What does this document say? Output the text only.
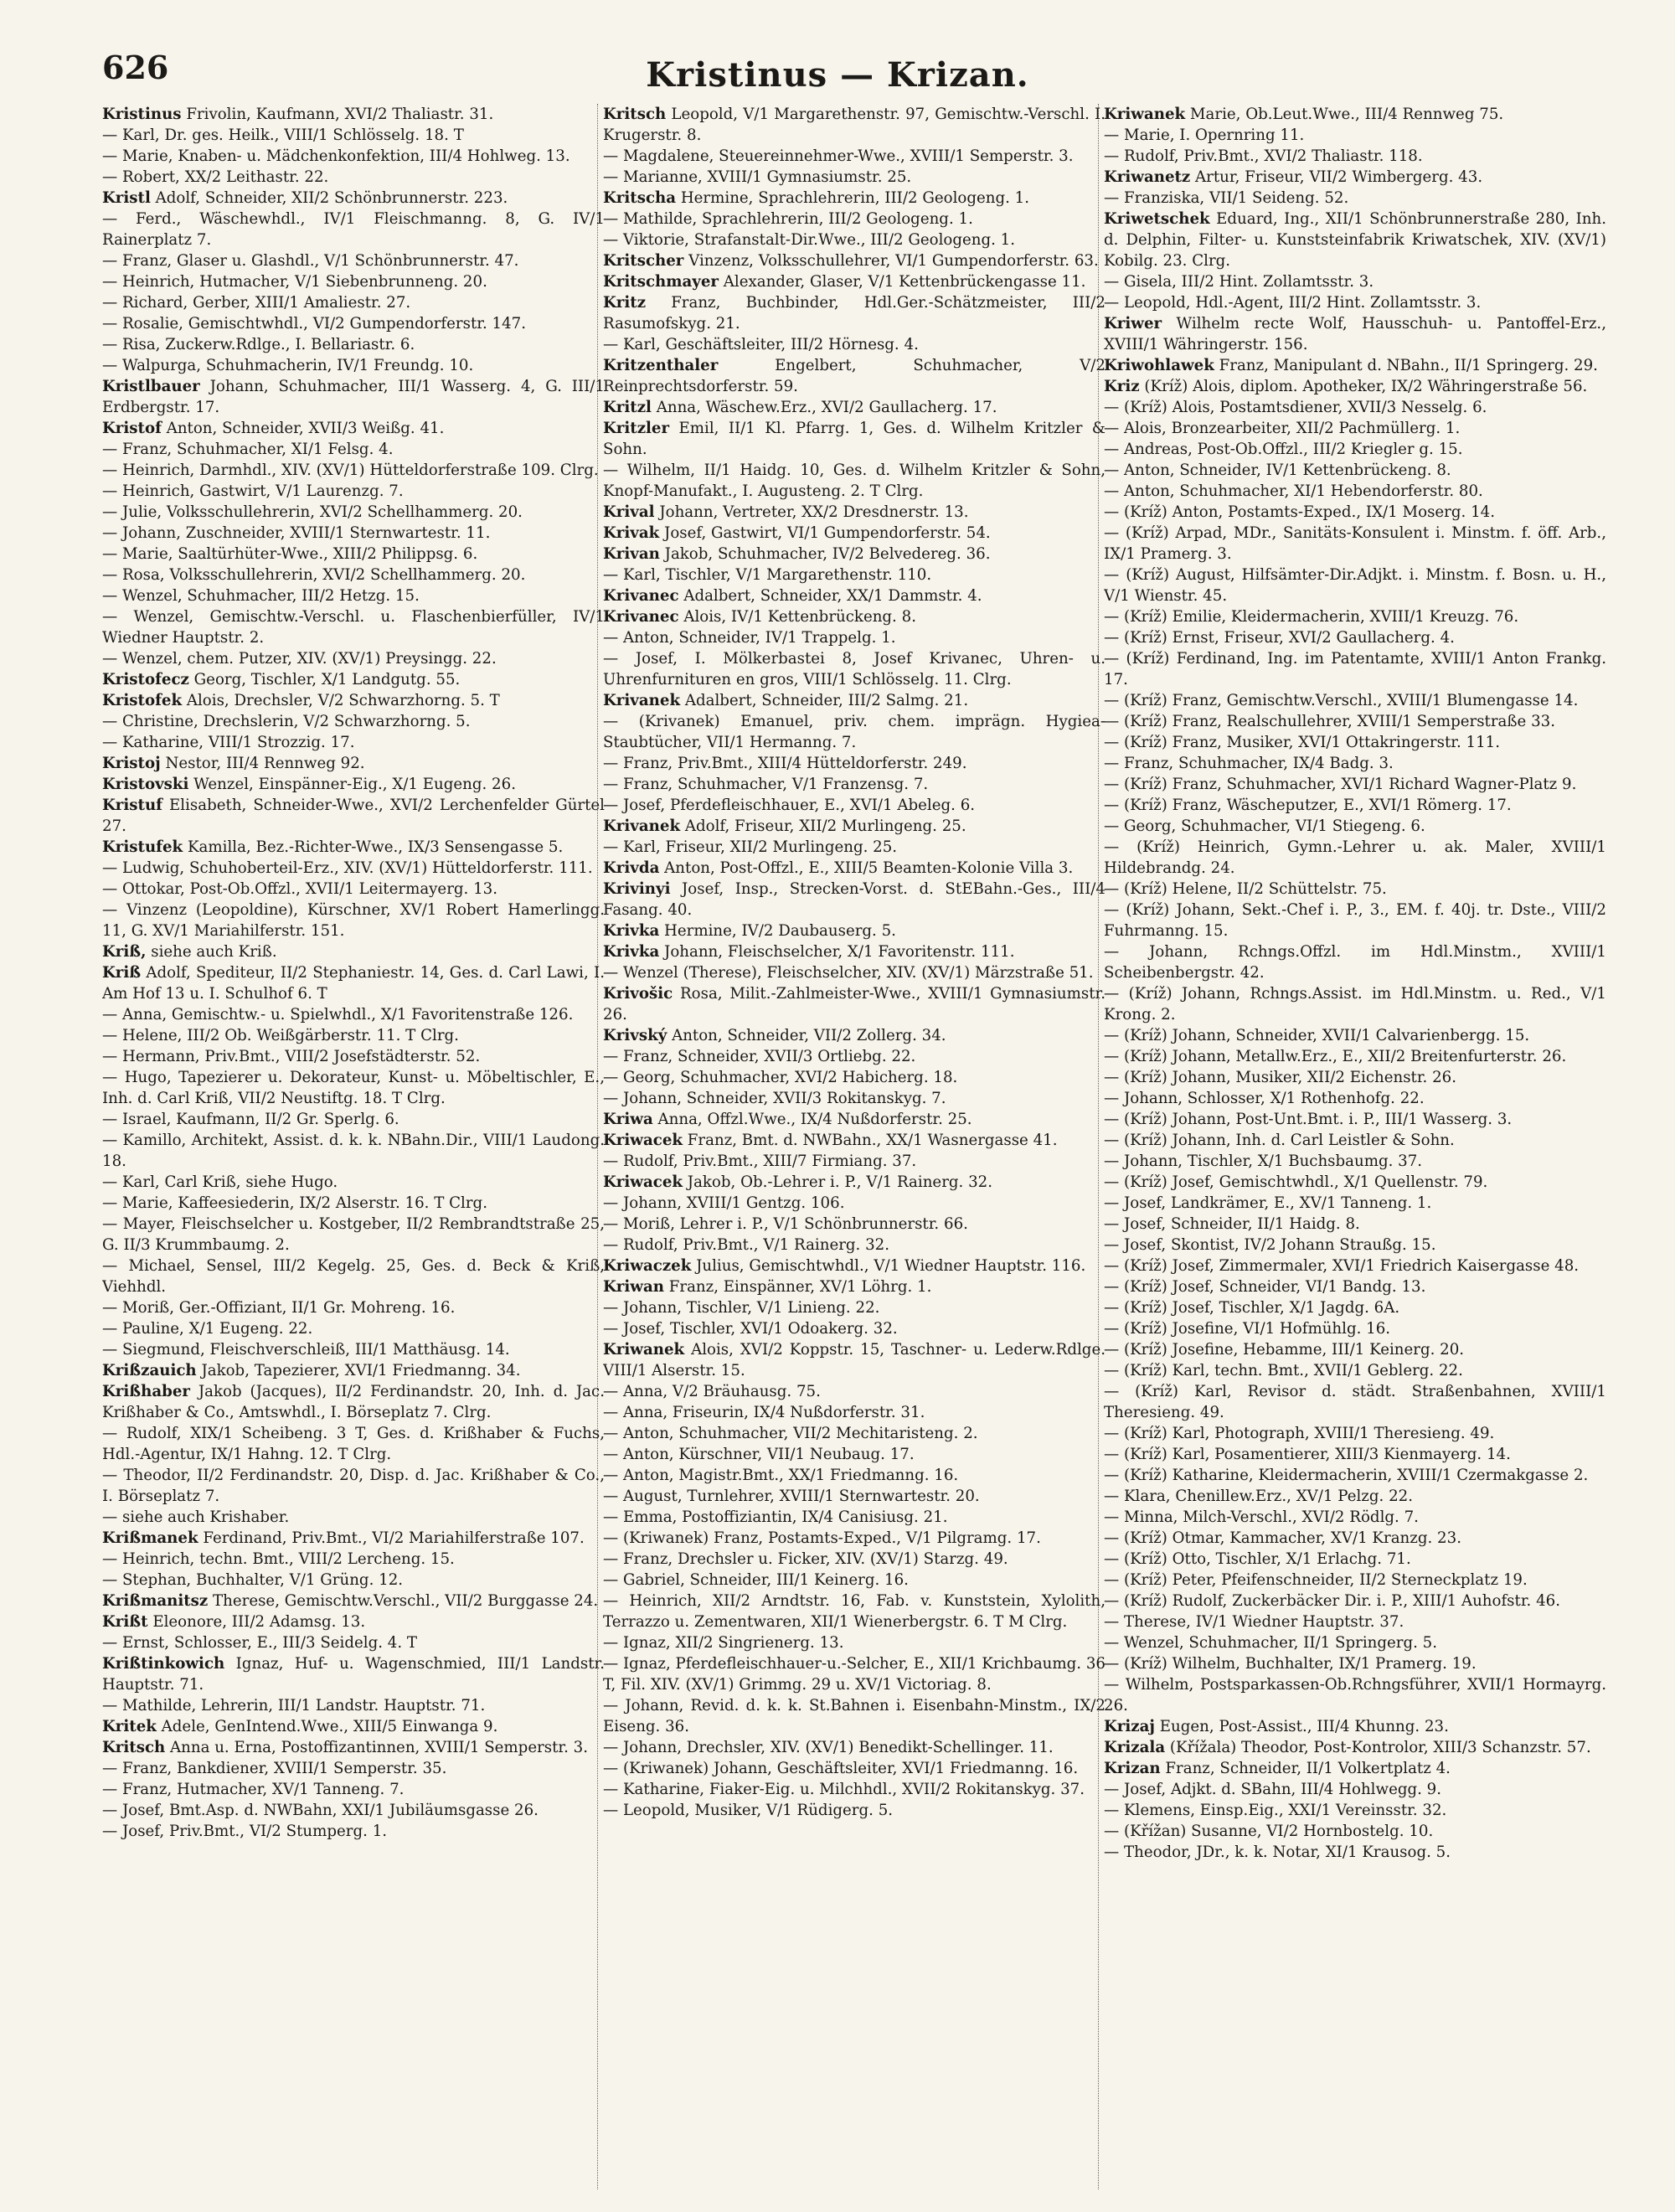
626	Kristinus — Krizan.

Kristinus Frivolin, Kaufmann, XVI/2 Thaliastr. 31.

— Karl, Dr. ges. Heilk., VIII/1 Schlösselg. 18. T

— Marie, Knaben- u. Mädchenkonfektion, III/4 Hohlweg. 13.

— Robert, XX/2 Leithastr. 22.

Kristl Adolf, Schneider, XII/2 Schönbrunnerstr. 223.

— Ferd., Wäschewhdl., IV/1 Fleischmanng. 8, G. IV/1 Rainerplatz 7.

— Franz, Glaser u. Glashdl., V/1 Schönbrunnerstr. 47.

— Heinrich, Hutmacher, V/1 Siebenbrunneng. 20.

— Richard, Gerber, XIII/1 Amaliestr. 27.

— Rosalie, Gemischtwhdl., VI/2 Gumpendorferstr. 147.

— Risa, Zuckerw.Rdlge., I. Bellariastr. 6.

— Walpurga, Schuhmacherin, IV/1 Freundg. 10.

Kristlbauer Johann, Schuhmacher, III/1 Wasserg. 4, G. III/1 Erdbergstr. 17.

Kristof Anton, Schneider, XVII/3 Weißg. 41.

— Franz, Schuhmacher, XI/1 Felsg. 4.

— Heinrich, Darmhdl., XIV. (XV/1) Hütteldorferstraße 109. Clrg.

— Heinrich, Gastwirt, V/1 Laurenzg. 7.

— Julie, Volksschullehrerin, XVI/2 Schellhammerg. 20.

— Johann, Zuschneider, XVIII/1 Sternwartestr. 11.

— Marie, Saaltürhüter-Wwe., XIII/2 Philippsg. 6.

— Rosa, Volksschullehrerin, XVI/2 Schellhammerg. 20.

— Wenzel, Schuhmacher, III/2 Hetzg. 15.

— Wenzel, Gemischtw.-Verschl. u. Flaschenbierfüller, IV/1 Wiedner Hauptstr. 2.

— Wenzel, chem. Putzer, XIV. (XV/1) Preysingg. 22.

Kristofecz Georg, Tischler, X/1 Landgutg. 55.

Kristofek Alois, Drechsler, V/2 Schwarzhorng. 5. T

— Christine, Drechslerin, V/2 Schwarzhorng. 5.

— Katharine, VIII/1 Strozzig. 17.

Kristoj Nestor, III/4 Rennweg 92.

Kristovski Wenzel, Einspänner-Eig., X/1 Eugeng. 26.

Kristuf Elisabeth, Schneider-Wwe., XVI/2 Lerchenfelder Gürtel 27.

Kristufek Kamilla, Bez.-Richter-Wwe., IX/3 Sensengasse 5.

— Ludwig, Schuhoberteil-Erz., XIV. (XV/1) Hütteldorferstr. 111.

— Ottokar, Post-Ob.Offzl., XVII/1 Leitermayerg. 13.

— Vinzenz (Leopoldine), Kürschner, XV/1 Robert Hamerlingg. 11, G. XV/1 Mariahilferstr. 151.

Kriß, siehe auch Kriß.

Kriß Adolf, Spediteur, II/2 Stephaniestr. 14, Ges. d. Carl Lawi, I. Am Hof 13 u. I. Schulhof 6. T

— Anna, Gemischtw.- u. Spielwhdl., X/1 Favoritenstraße 126.

— Helene, III/2 Ob. Weißgärberstr. 11. T Clrg.

— Hermann, Priv.Bmt., VIII/2 Josefstädterstr. 52.

— Hugo, Tapezierer u. Dekorateur, Kunst- u. Möbeltischler, E., Inh. d. Carl Kriß, VII/2 Neustiftg. 18. T Clrg.

— Israel, Kaufmann, II/2 Gr. Sperlg. 6.

— Kamillo, Architekt, Assist. d. k. k. NBahn.Dir., VIII/1 Laudong. 18.

— Karl, Carl Kriß, siehe Hugo.

— Marie, Kaffeesiederin, IX/2 Alserstr. 16. T Clrg.

— Mayer, Fleischselcher u. Kostgeber, II/2 Rembrandtstraße 25, G. II/3 Krummbaumg. 2.

— Michael, Sensel, III/2 Kegelg. 25, Ges. d. Beck & Kriß, Viehhdl.

— Moriß, Ger.-Offiziant, II/1 Gr. Mohreng. 16.

— Pauline, X/1 Eugeng. 22.

— Siegmund, Fleischverschleiß, III/1 Matthäusg. 14.

Krißzauich Jakob, Tapezierer, XVI/1 Friedmanng. 34.

Krißhaber Jakob (Jacques), II/2 Ferdinandstr. 20, Inh. d. Jac. Krißhaber & Co., Amtswhdl., I. Börseplatz 7. Clrg.

— Rudolf, XIX/1 Scheibeng. 3 T, Ges. d. Krißhaber & Fuchs, Hdl.-Agentur, IX/1 Hahng. 12. T Clrg.

— Theodor, II/2 Ferdinandstr. 20, Disp. d. Jac. Krißhaber & Co., I. Börseplatz 7.

— siehe auch Krishaber.

Krißmanek Ferdinand, Priv.Bmt., VI/2 Mariahilferstraße 107.

— Heinrich, techn. Bmt., VIII/2 Lercheng. 15.

— Stephan, Buchhalter, V/1 Grüng. 12.

Krißmanitsz Therese, Gemischtw.Verschl., VII/2 Burggasse 24.

Krißt Eleonore, III/2 Adamsg. 13.

— Ernst, Schlosser, E., III/3 Seidelg. 4. T

Krißtinkowich Ignaz, Huf- u. Wagenschmied, III/1 Landstr. Hauptstr. 71.

— Mathilde, Lehrerin, III/1 Landstr. Hauptstr. 71.

Kritek Adele, GenIntend.Wwe., XIII/5 Einwanga 9.

Kritsch Anna u. Erna, Postoffizantinnen, XVIII/1 Semperstr. 3.

— Franz, Bankdiener, XVIII/1 Semperstr. 35.

— Franz, Hutmacher, XV/1 Tanneng. 7.

— Josef, Bmt.Asp. d. NWBahn, XXI/1 Jubiläumsgasse 26.

— Josef, Priv.Bmt., VI/2 Stumperg. 1.

Kritsch Leopold, V/1 Margarethenstr. 97, Gemischtw.-Verschl. I. Krugerstr. 8.

— Magdalene, Steuereinnehmer-Wwe., XVIII/1 Semperstr. 3.

— Marianne, XVIII/1 Gymnasiumstr. 25.

Kritscha Hermine, Sprachlehrerin, III/2 Geologeng. 1.

— Mathilde, Sprachlehrerin, III/2 Geologeng. 1.

— Viktorie, Strafanstalt-Dir.Wwe., III/2 Geologeng. 1.

Kritscher Vinzenz, Volksschullehrer, VI/1 Gumpendorferstr. 63.

Kritschmayer Alexander, Glaser, V/1 Kettenbrückengasse 11.

Kritz Franz, Buchbinder, Hdl.Ger.-Schätzmeister, III/2 Rasumofskyg. 21.

— Karl, Geschäftsleiter, III/2 Hörnesg. 4.

Kritzenthaler Engelbert, Schuhmacher, V/2 Reinprechtsdorferstr. 59.

Kritzl Anna, Wäschew.Erz., XVI/2 Gaullacherg. 17.

Kritzler Emil, II/1 Kl. Pfarrg. 1, Ges. d. Wilhelm Kritzler & Sohn.

— Wilhelm, II/1 Haidg. 10, Ges. d. Wilhelm Kritzler & Sohn, Knopf-Manufakt., I. Augusteng. 2. T Clrg.

Krival Johann, Vertreter, XX/2 Dresdnerstr. 13.

Krivak Josef, Gastwirt, VI/1 Gumpendorferstr. 54.

Krivan Jakob, Schuhmacher, IV/2 Belvedereg. 36.

— Karl, Tischler, V/1 Margarethenstr. 110.

Krivanec Adalbert, Schneider, XX/1 Dammstr. 4.

Krivanec Alois, IV/1 Kettenbrückeng. 8.

— Anton, Schneider, IV/1 Trappelg. 1.

— Josef, I. Mölkerbastei 8, Josef Krivanec, Uhren- u. Uhrenfurnituren en gros, VIII/1 Schlösselg. 11. Clrg.

Krivanek Adalbert, Schneider, III/2 Salmg. 21.

— (Krivanek) Emanuel, priv. chem. imprägn. Hygiea-Staubtücher, VII/1 Hermanng. 7.

— Franz, Priv.Bmt., XIII/4 Hütteldorferstr. 249.

— Franz, Schuhmacher, V/1 Franzensg. 7.

— Josef, Pferdefleischhauer, E., XVI/1 Abeleg. 6.

Krivanek Adolf, Friseur, XII/2 Murlingeng. 25.

— Karl, Friseur, XII/2 Murlingeng. 25.

Krivda Anton, Post-Offzl., E., XIII/5 Beamten-Kolonie Villa 3.

Krivinyi Josef, Insp., Strecken-Vorst. d. StEBahn.-Ges., III/4 Fasang. 40.

Krivka Hermine, IV/2 Daubauserg. 5.

Krivka Johann, Fleischselcher, X/1 Favoritenstr. 111.

— Wenzel (Therese), Fleischselcher, XIV. (XV/1) Märzstraße 51.

Krivošic Rosa, Milit.-Zahlmeister-Wwe., XVIII/1 Gymnasiumstr. 26.

Krivský Anton, Schneider, VII/2 Zollerg. 34.

— Franz, Schneider, XVII/3 Ortliebg. 22.

— Georg, Schuhmacher, XVI/2 Habicherg. 18.

— Johann, Schneider, XVII/3 Rokitanskyg. 7.

Kriwa Anna, Offzl.Wwe., IX/4 Nußdorferstr. 25.

Kriwacek Franz, Bmt. d. NWBahn., XX/1 Wasnergasse 41.

— Rudolf, Priv.Bmt., XIII/7 Firmiang. 37.

Kriwacek Jakob, Ob.-Lehrer i. P., V/1 Rainerg. 32.

— Johann, XVIII/1 Gentzg. 106.

— Moriß, Lehrer i. P., V/1 Schönbrunnerstr. 66.

— Rudolf, Priv.Bmt., V/1 Rainerg. 32.

Kriwaczek Julius, Gemischtwhdl., V/1 Wiedner Hauptstr. 116.

Kriwan Franz, Einspänner, XV/1 Löhrg. 1.

— Johann, Tischler, V/1 Linieng. 22.

— Josef, Tischler, XVI/1 Odoakerg. 32.

Kriwanek Alois, XVI/2 Koppstr. 15, Taschner- u. Lederw.Rdlge. VIII/1 Alserstr. 15.

— Anna, V/2 Bräuhausg. 75.

— Anna, Friseurin, IX/4 Nußdorferstr. 31.

— Anton, Schuhmacher, VII/2 Mechitaristeng. 2.

— Anton, Kürschner, VII/1 Neubaug. 17.

— Anton, Magistr.Bmt., XX/1 Friedmanng. 16.

— August, Turnlehrer, XVIII/1 Sternwartestr. 20.

— Emma, Postoffiziantin, IX/4 Canisiusg. 21.

— (Kriwanek) Franz, Postamts-Exped., V/1 Pilgramg. 17.

— Franz, Drechsler u. Ficker, XIV. (XV/1) Starzg. 49.

— Gabriel, Schneider, III/1 Keinerg. 16.

— Heinrich, XII/2 Arndtstr. 16, Fab. v. Kunststein, Xylolith, Terrazzo u. Zementwaren, XII/1 Wienerbergstr. 6. T M Clrg.

— Ignaz, XII/2 Singrienerg. 13.

— Ignaz, Pferdefleischhauer-u.-Selcher, E., XII/1 Krichbaumg. 36 T, Fil. XIV. (XV/1) Grimmg. 29 u. XV/1 Victoriag. 8.

— Johann, Revid. d. k. k. St.Bahnen i. Eisenbahn-Minstm., IX/2 Eiseng. 36.

— Johann, Drechsler, XIV. (XV/1) Benedikt-Schellinger. 11.

— (Kriwanek) Johann, Geschäftsleiter, XVI/1 Friedmanng. 16.

— Katharine, Fiaker-Eig. u. Milchhdl., XVII/2 Rokitanskyg. 37.

— Leopold, Musiker, V/1 Rüdigerg. 5.

Kriwanek Marie, Ob.Leut.Wwe., III/4 Rennweg 75.

— Marie, I. Opernring 11.

— Rudolf, Priv.Bmt., XVI/2 Thaliastr. 118.

Kriwanetz Artur, Friseur, VII/2 Wimbergerg. 43.

— Franziska, VII/1 Seideng. 52.

Kriwetschek Eduard, Ing., XII/1 Schönbrunnerstraße 280, Inh. d. Delphin, Filter- u. Kunststeinfabrik Kriwatschek, XIV. (XV/1) Kobilg. 23. Clrg.

— Gisela, III/2 Hint. Zollamtsstr. 3.

— Leopold, Hdl.-Agent, III/2 Hint. Zollamtsstr. 3.

Kriwer Wilhelm recte Wolf, Hausschuh- u. Pantoffel-Erz., XVIII/1 Währingerstr. 156.

Kriwohlawek Franz, Manipulant d. NBahn., II/1 Springerg. 29.

Kriz (Kríž) Alois, diplom. Apotheker, IX/2 Währingerstraße 56.

— (Kríž) Alois, Postamtsdiener, XVII/3 Nesselg. 6.

— Alois, Bronzearbeiter, XII/2 Pachmüllerg. 1.

— Andreas, Post-Ob.Offzl., III/2 Kriegler g. 15.

— Anton, Schneider, IV/1 Kettenbrückeng. 8.

— Anton, Schuhmacher, XI/1 Hebendorferstr. 80.

— (Kríž) Anton, Postamts-Exped., IX/1 Moserg. 14.

— (Kríž) Arpad, MDr., Sanitäts-Konsulent i. Minstm. f. öff. Arb., IX/1 Pramerg. 3.

— (Kríž) August, Hilfsämter-Dir.Adjkt. i. Minstm. f. Bosn. u. H., V/1 Wienstr. 45.

— (Kríž) Emilie, Kleidermacherin, XVIII/1 Kreuzg. 76.

— (Kríž) Ernst, Friseur, XVI/2 Gaullacherg. 4.

— (Kríž) Ferdinand, Ing. im Patentamte, XVIII/1 Anton Frankg. 17.

— (Kríž) Franz, Gemischtw.Verschl., XVIII/1 Blumengasse 14.

— (Kríž) Franz, Realschullehrer, XVIII/1 Semperstraße 33.

— (Kríž) Franz, Musiker, XVI/1 Ottakringerstr. 111.

— Franz, Schuhmacher, IX/4 Badg. 3.

— (Kríž) Franz, Schuhmacher, XVI/1 Richard Wagner-Platz 9.

— (Kríž) Franz, Wäscheputzer, E., XVI/1 Römerg. 17.

— Georg, Schuhmacher, VI/1 Stiegeng. 6.

— (Kríž) Heinrich, Gymn.-Lehrer u. ak. Maler, XVIII/1 Hildebrandg. 24.

— (Kríž) Helene, II/2 Schüttelstr. 75.

— (Kríž) Johann, Sekt.-Chef i. P., 3., EM. f. 40j. tr. Dste., VIII/2 Fuhrmanng. 15.

— Johann, Rchngs.Offzl. im Hdl.Minstm., XVIII/1 Scheibenbergstr. 42.

— (Kríž) Johann, Rchngs.Assist. im Hdl.Minstm. u. Red., V/1 Krong. 2.

— (Kríž) Johann, Schneider, XVII/1 Calvarienbergg. 15.

— (Kríž) Johann, Metallw.Erz., E., XII/2 Breitenfurterstr. 26.

— (Kríž) Johann, Musiker, XII/2 Eichenstr. 26.

— Johann, Schlosser, X/1 Rothenhofg. 22.

— (Kríž) Johann, Post-Unt.Bmt. i. P., III/1 Wasserg. 3.

— (Kríž) Johann, Inh. d. Carl Leistler & Sohn.

— Johann, Tischler, X/1 Buchsbaumg. 37.

— (Kríž) Josef, Gemischtwhdl., X/1 Quellenstr. 79.

— Josef, Landkrämer, E., XV/1 Tanneng. 1.

— Josef, Schneider, II/1 Haidg. 8.

— Josef, Skontist, IV/2 Johann Straußg. 15.

— (Kríž) Josef, Zimmermaler, XVI/1 Friedrich Kaisergasse 48.

— (Kríž) Josef, Schneider, VI/1 Bandg. 13.

— (Kríž) Josef, Tischler, X/1 Jagdg. 6A.

— (Kríž) Josefine, VI/1 Hofmühlg. 16.

— (Kríž) Josefine, Hebamme, III/1 Keinerg. 20.

— (Kríž) Karl, techn. Bmt., XVII/1 Geblerg. 22.

— (Kríž) Karl, Revisor d. städt. Straßenbahnen, XVIII/1 Theresieng. 49.

— (Kríž) Karl, Photograph, XVIII/1 Theresieng. 49.

— (Kríž) Karl, Posamentierer, XIII/3 Kienmayerg. 14.

— (Kríž) Katharine, Kleidermacherin, XVIII/1 Czermakgasse 2.

— Klara, Chenillew.Erz., XV/1 Pelzg. 22.

— Minna, Milch-Verschl., XVI/2 Rödlg. 7.

— (Kríž) Otmar, Kammacher, XV/1 Kranzg. 23.

— (Kríž) Otto, Tischler, X/1 Erlachg. 71.

— (Kríž) Peter, Pfeifenschneider, II/2 Sterneckplatz 19.

— (Kríž) Rudolf, Zuckerbäcker Dir. i. P., XIII/1 Auhofstr. 46.

— Therese, IV/1 Wiedner Hauptstr. 37.

— Wenzel, Schuhmacher, II/1 Springerg. 5.

— (Kríž) Wilhelm, Buchhalter, IX/1 Pramerg. 19.

— Wilhelm, Postsparkassen-Ob.Rchngsführer, XVII/1 Hormayrg. 26.

Krizaj Eugen, Post-Assist., III/4 Khunng. 23.

Krizala (Křížala) Theodor, Post-Kontrolor, XIII/3 Schanzstr. 57.

Krizan Franz, Schneider, II/1 Volkertplatz 4.

— Josef, Adjkt. d. SBahn, III/4 Hohlwegg. 9.

— Klemens, Einsp.Eig., XXI/1 Vereinsstr. 32.

— (Křížan) Susanne, VI/2 Hornbostelg. 10.

— Theodor, JDr., k. k. Notar, XI/1 Krausog. 5.
